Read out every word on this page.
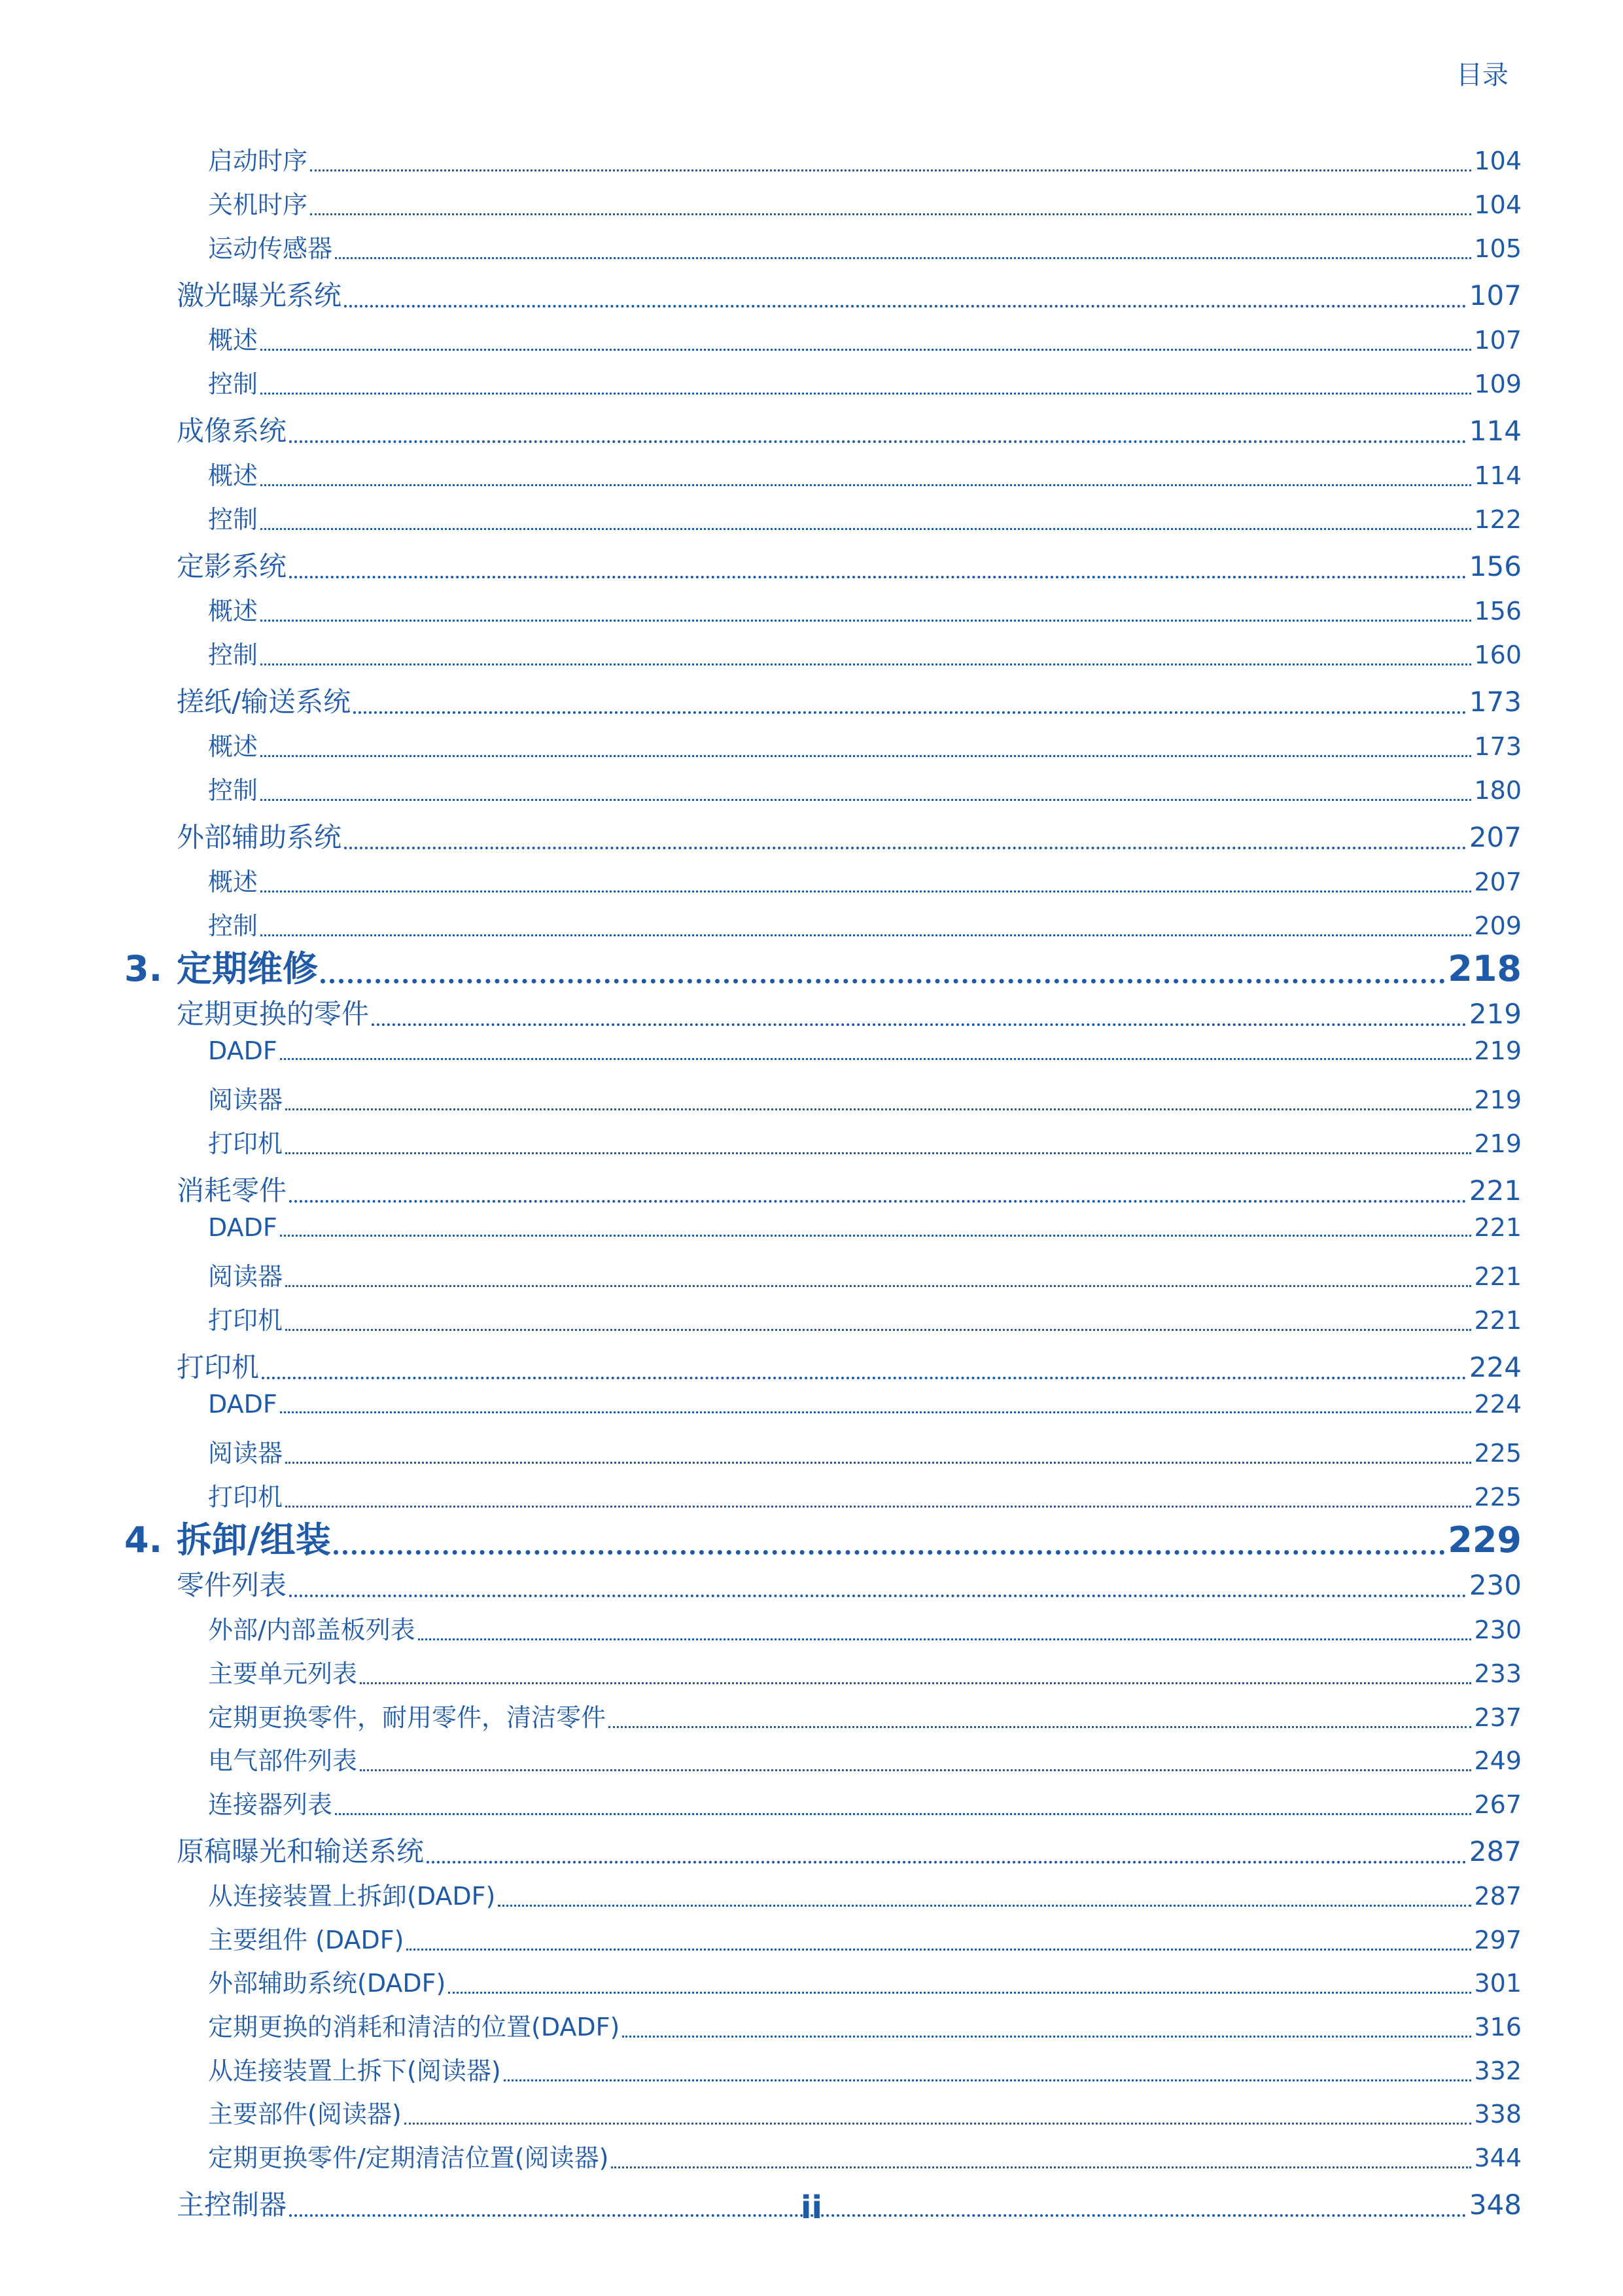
目录
启动时序	104
关机时序	104
运动传感器	105
激光曝光系统	107
概述	107
控制	109
成像系统	114
概述	114
控制	122
定影系统	156
概述	156
控制	160
搓纸/输送系统	173
概述	173
控制	180
外部辅助系统	207
概述	207
控制	209
3. 定期维修	218
定期更换的零件	219
DADF	219
阅读器	219
打印机	219
消耗零件	221
DADF	221
阅读器	221
打印机	221
打印机	224
DADF	224
阅读器	225
打印机	225
4. 拆卸/组装	229
零件列表	230
外部/内部盖板列表	230
主要单元列表	233
定期更换零件，耐用零件，清洁零件	237
电气部件列表	249
连接器列表	267
原稿曝光和输送系统	287
从连接装置上拆卸(DADF)	287
主要组件 (DADF)	297
外部辅助系统(DADF)	301
定期更换的消耗和清洁的位置(DADF)	316
从连接装置上拆下(阅读器)	332
主要部件(阅读器)	338
定期更换零件/定期清洁位置(阅读器)	344
主控制器	348
ii
